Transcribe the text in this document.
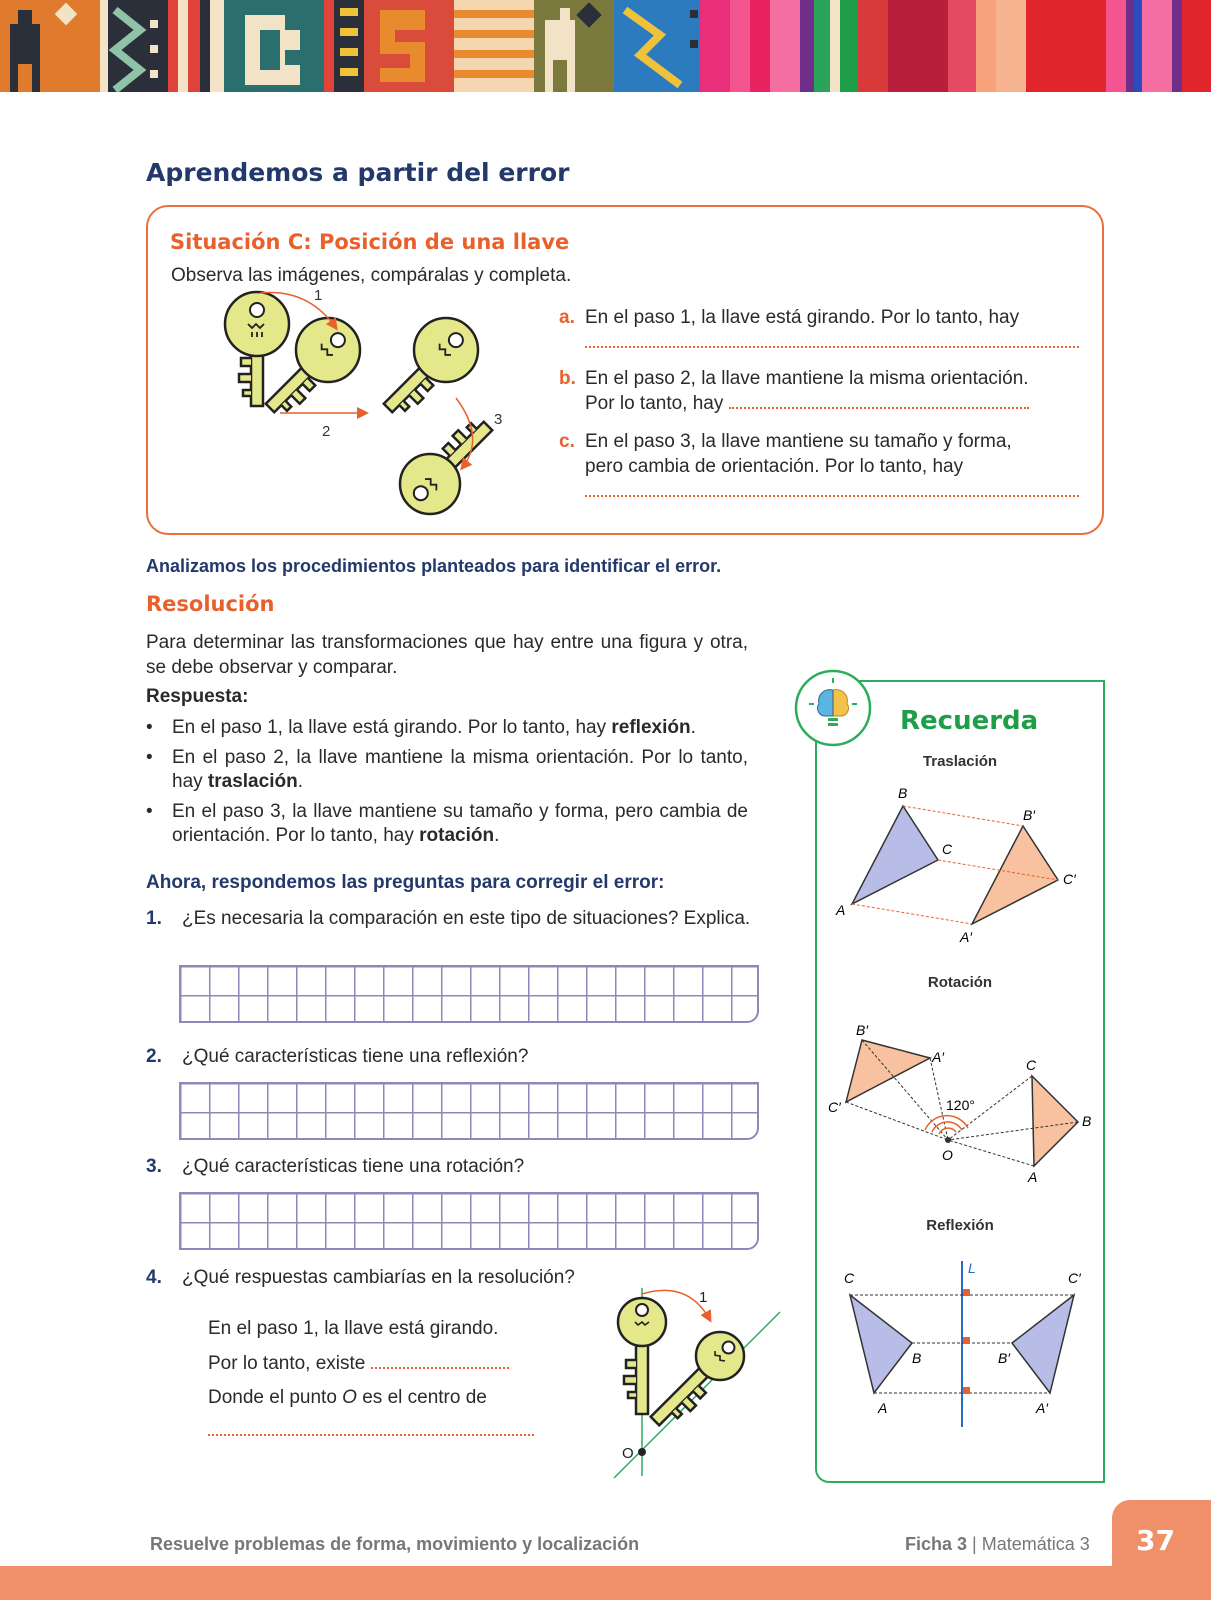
Aprendemos a partir del error
Situación C: Posición de una llave
Observa las imágenes, compáralas y completa.
1
2
3
a. En el paso 1, la llave está girando. Por lo tanto, hay

b. En el paso 2, la llave mantiene la misma orientación.
Por lo tanto, hay
c. En el paso 3, la llave mantiene su tamaño y forma,
pero cambia de orientación. Por lo tanto, hay

Analizamos los procedimientos planteados para identificar el error.
Resolución
Para determinar las transformaciones que hay entre una figura y otra, se debe observar y comparar.
Respuesta:
• En el paso 1, la llave está girando. Por lo tanto, hay reflexión.
• En el paso 2, la llave mantiene la misma orientación. Por lo tanto, hay traslación.
• En el paso 3, la llave mantiene su tamaño y forma, pero cambia de orientación. Por lo tanto, hay rotación.
Ahora, respondemos las preguntas para corregir el error:
1. ¿Es necesaria la comparación en este tipo de situaciones? Explica.
2. ¿Qué características tiene una reflexión?
3. ¿Qué características tiene una rotación?
4. ¿Qué respuestas cambiarías en la resolución?
En el paso 1, la llave está girando.
Por lo tanto, existe
Donde el punto O es el centro de
O
1
Recuerda
Traslación
B
C
A
B′
C′
A′
Rotación
B′
A′
C′
C
B
A
O
120°
Reflexión
L
C	C′
B	B′
A	A′
37
Resuelve problemas de forma, movimiento y localización	Ficha 3 | Matemática 3
